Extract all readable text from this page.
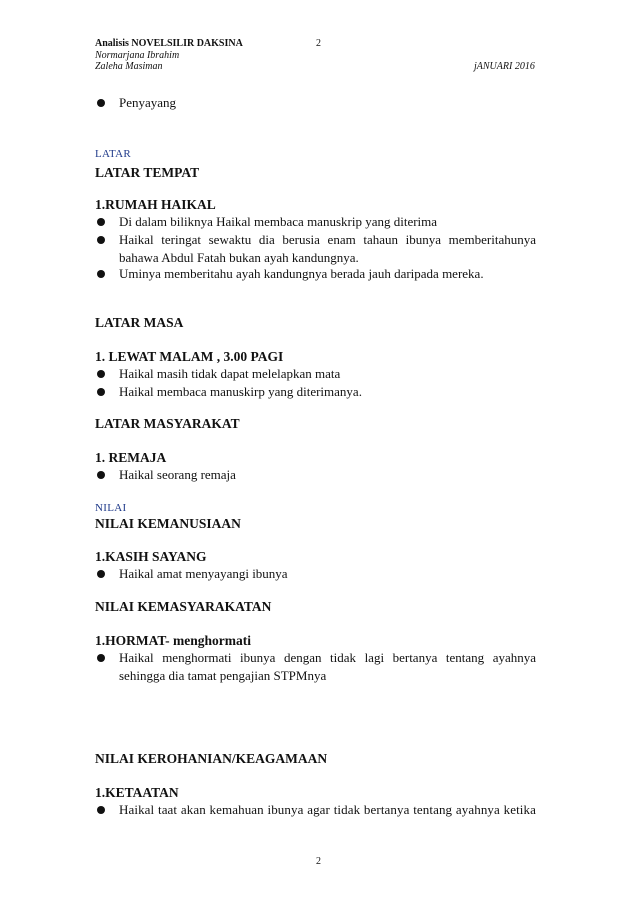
Analisis NOVELSILIR DAKSINA	2
Normarjana Ibrahim
Zaleha Masiman	jANUARI 2016
Penyayang
LATAR
LATAR TEMPAT
1.RUMAH HAIKAL
Di dalam biliknya Haikal membaca manuskrip yang diterima
Haikal teringat sewaktu dia berusia enam tahaun ibunya memberitahunya bahawa Abdul Fatah bukan ayah kandungnya.
Uminya memberitahu ayah kandungnya berada jauh daripada mereka.
LATAR MASA
1. LEWAT MALAM , 3.00 PAGI
Haikal masih tidak dapat melelapkan mata
Haikal membaca manuskirp yang diterimanya.
LATAR MASYARAKAT
1. REMAJA
Haikal seorang remaja
NILAI
NILAI KEMANUSIAAN
1.KASIH SAYANG
Haikal amat menyayangi ibunya
NILAI KEMASYARAKATAN
1.HORMAT- menghormati
Haikal menghormati ibunya dengan tidak lagi bertanya tentang ayahnya sehingga dia tamat pengajian STPMnya
NILAI KEROHANIAN/KEAGAMAAN
1.KETAATAN
Haikal taat akan kemahuan ibunya agar tidak bertanya tentang ayahnya ketika
2
